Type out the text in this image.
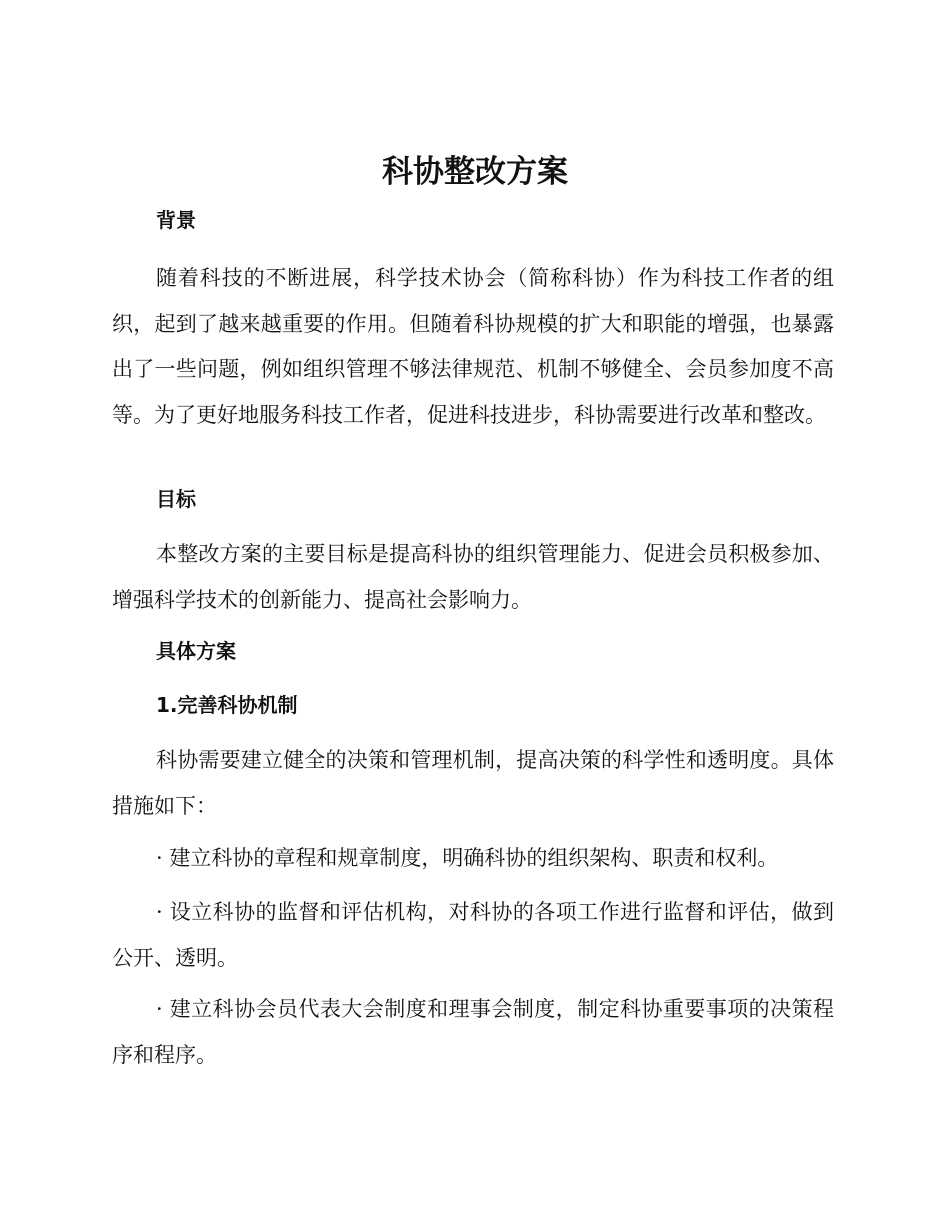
科协整改方案
背景

随着科技的不断进展，科学技术协会（简称科协）作为科技工作者的组织，起到了越来越重要的作用。但随着科协规模的扩大和职能的增强，也暴露出了一些问题，例如组织管理不够法律规范、机制不够健全、会员参加度不高等。为了更好地服务科技工作者，促进科技进步，科协需要进行改革和整改。

目标

本整改方案的主要目标是提高科协的组织管理能力、促进会员积极参加、增强科学技术的创新能力、提高社会影响力。

具体方案
1.完善科协机制

科协需要建立健全的决策和管理机制，提高决策的科学性和透明度。具体措施如下：

· 建立科协的章程和规章制度，明确科协的组织架构、职责和权利。

· 设立科协的监督和评估机构，对科协的各项工作进行监督和评估，做到公开、透明。

· 建立科协会员代表大会制度和理事会制度，制定科协重要事项的决策程序和程序。
